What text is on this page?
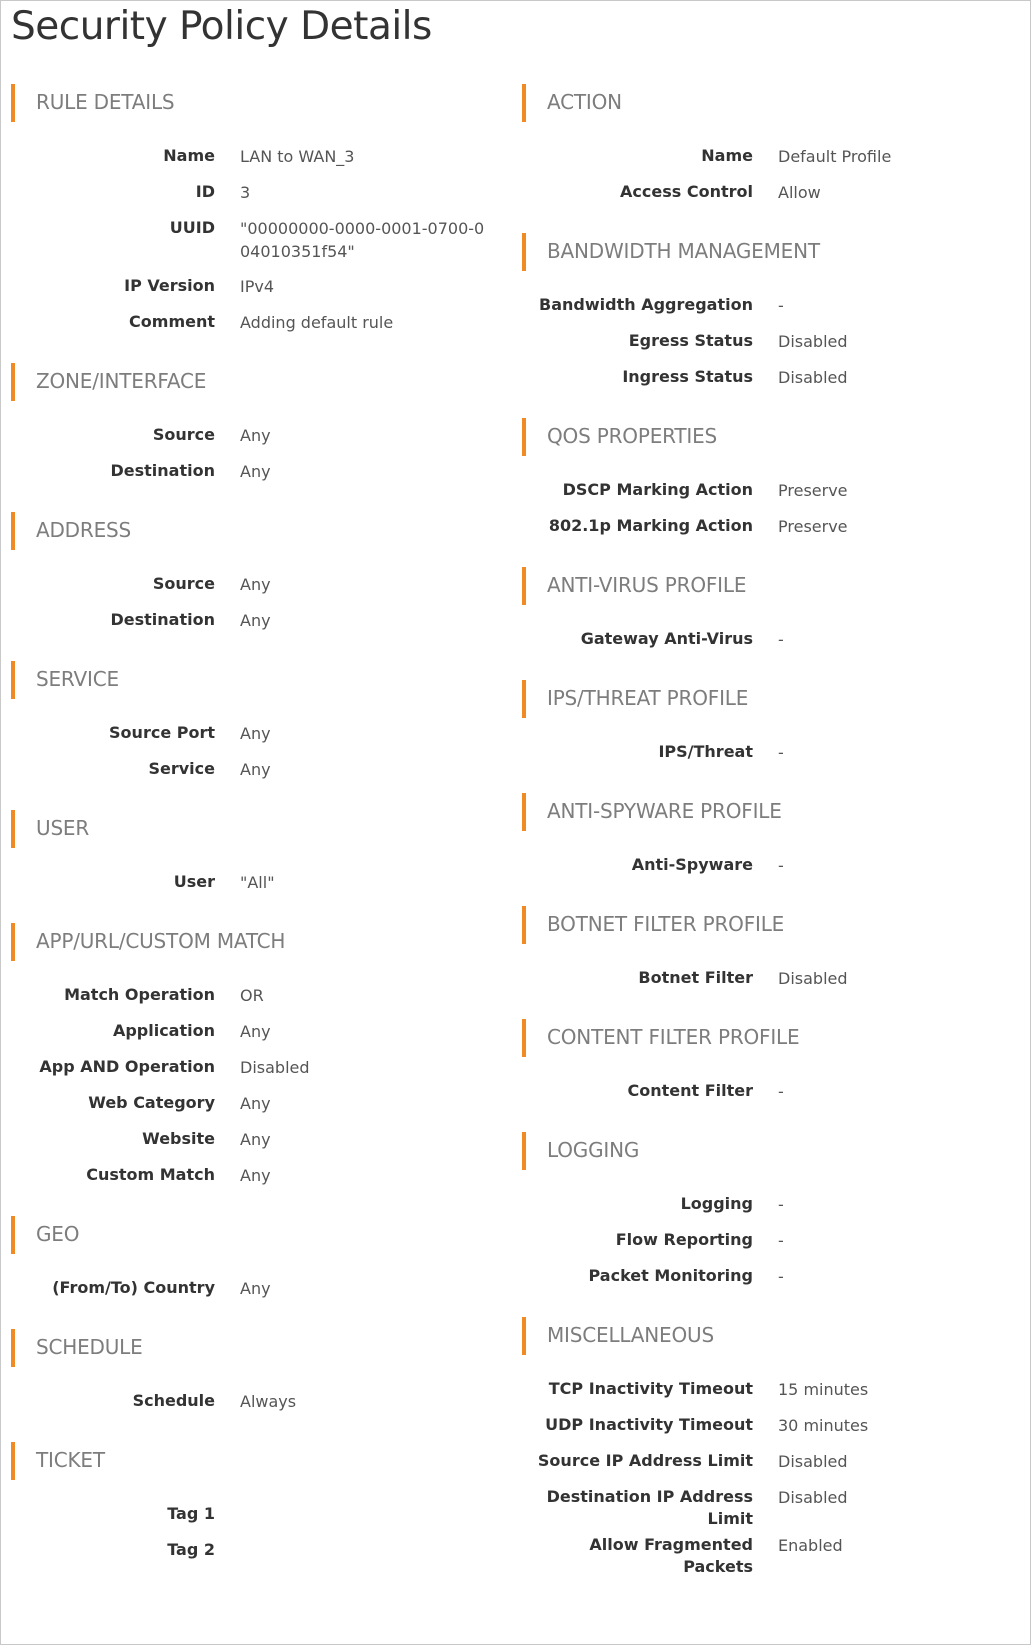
Security Policy Details
RULE DETAILS
Name LAN to WAN_3
ID 3
UUID "00000000-0000-0001-0700-004010351f54"
IP Version IPv4
Comment Adding default rule
ZONE/INTERFACE
Source Any
Destination Any
ADDRESS
Source Any
Destination Any
SERVICE
Source Port Any
Service Any
USER
User "All"
APP/URL/CUSTOM MATCH
Match Operation OR
Application Any
App AND Operation Disabled
Web Category Any
Website Any
Custom Match Any
GEO
(From/To) Country Any
SCHEDULE
Schedule Always
TICKET
Tag 1
Tag 2
ACTION
Name Default Profile
Access Control Allow
BANDWIDTH MANAGEMENT
Bandwidth Aggregation -
Egress Status Disabled
Ingress Status Disabled
QOS PROPERTIES
DSCP Marking Action Preserve
802.1p Marking Action Preserve
ANTI-VIRUS PROFILE
Gateway Anti-Virus -
IPS/THREAT PROFILE
IPS/Threat -
ANTI-SPYWARE PROFILE
Anti-Spyware -
BOTNET FILTER PROFILE
Botnet Filter Disabled
CONTENT FILTER PROFILE
Content Filter -
LOGGING
Logging -
Flow Reporting -
Packet Monitoring -
MISCELLANEOUS
TCP Inactivity Timeout 15 minutes
UDP Inactivity Timeout 30 minutes
Source IP Address Limit Disabled
Destination IP Address Limit
Disabled
Allow Fragmented Packets
Enabled
